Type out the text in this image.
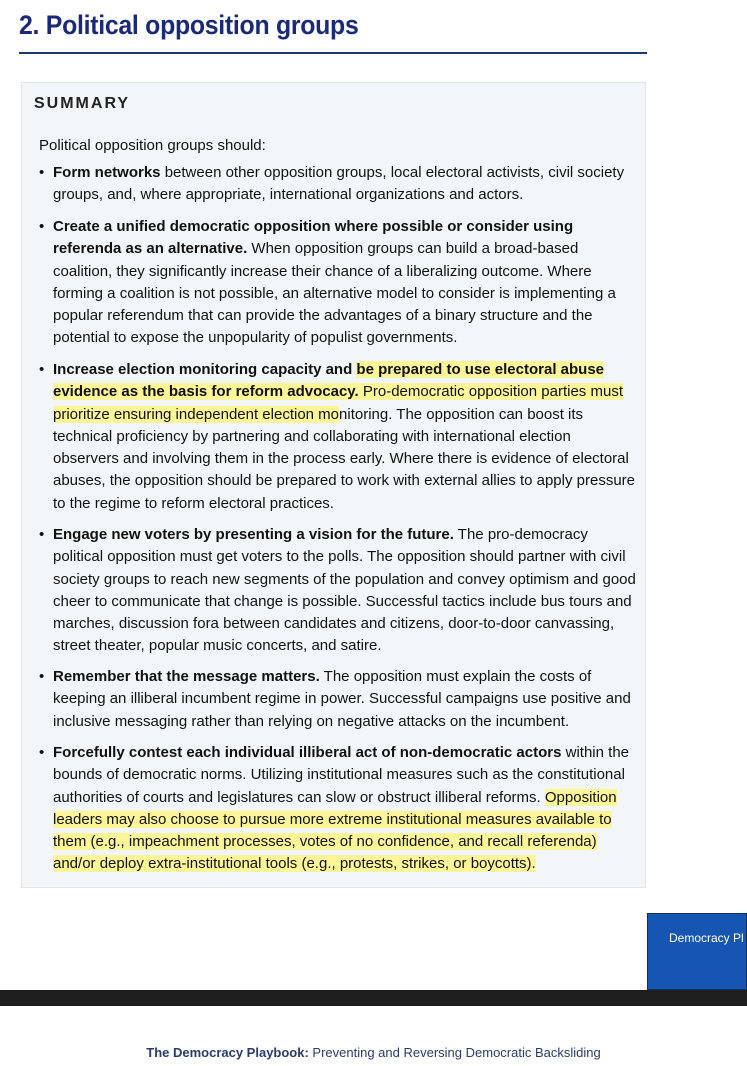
2. Political opposition groups
SUMMARY
Political opposition groups should:
• Form networks between other opposition groups, local electoral activists, civil society groups, and, where appropriate, international organizations and actors.
• Create a unified democratic opposition where possible or consider using referenda as an alternative. When opposition groups can build a broad-based coalition, they significantly increase their chance of a liberalizing outcome. Where forming a coalition is not possible, an alternative model to consider is implementing a popular referendum that can provide the advantages of a binary structure and the potential to expose the unpopularity of populist governments.
• Increase election monitoring capacity and be prepared to use electoral abuse evidence as the basis for reform advocacy. Pro-democratic opposition parties must prioritize ensuring independent election monitoring. The opposition can boost its technical proficiency by partnering and collaborating with international election observers and involving them in the process early. Where there is evidence of electoral abuses, the opposition should be prepared to work with external allies to apply pressure to the regime to reform electoral practices.
• Engage new voters by presenting a vision for the future. The pro-democracy political opposition must get voters to the polls. The opposition should partner with civil society groups to reach new segments of the population and convey optimism and good cheer to communicate that change is possible. Successful tactics include bus tours and marches, discussion fora between candidates and citizens, door-to-door canvassing, street theater, popular music concerts, and satire.
• Remember that the message matters. The opposition must explain the costs of keeping an illiberal incumbent regime in power. Successful campaigns use positive and inclusive messaging rather than relying on negative attacks on the incumbent.
• Forcefully contest each individual illiberal act of non-democratic actors within the bounds of democratic norms. Utilizing institutional measures such as the constitutional authorities of courts and legislatures can slow or obstruct illiberal reforms. Opposition leaders may also choose to pursue more extreme institutional measures available to them (e.g., impeachment processes, votes of no confidence, and recall referenda) and/or deploy extra-institutional tools (e.g., protests, strikes, or boycotts).
Democracy Pl
The Democracy Playbook: Preventing and Reversing Democratic Backsliding
